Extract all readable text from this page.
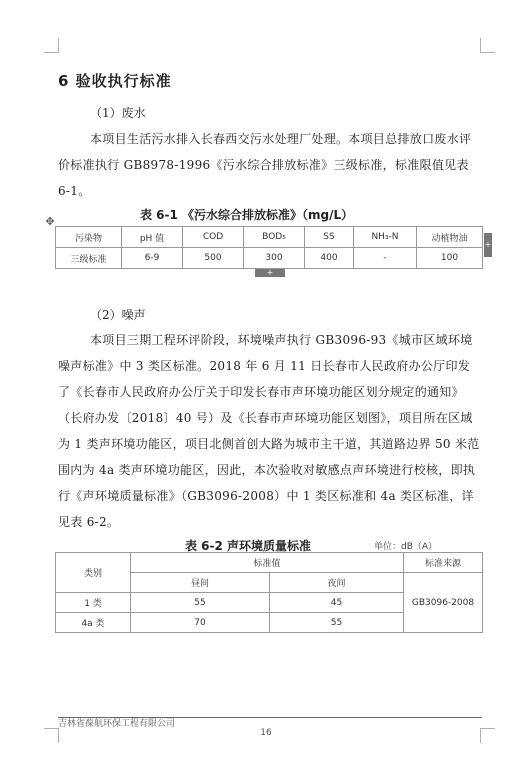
6 验收执行标准
（1）废水
本项目生活污水排入长春西交污水处理厂处理。本项目总排放口废水评价标准执行 GB8978-1996《污水综合排放标准》三级标准，标准限值见表 6-1。
表 6-1 《污水综合排放标准》（mg/L）
✥
+
+
污染物	pH 值	COD	BOD₅	SS	NH₃-N	动植物油
三级标准	6-9	500	300	400	-	100
（2）噪声
本项目三期工程环评阶段，环境噪声执行 GB3096-93《城市区域环境噪声标准》中 3 类区标准。2018 年 6 月 11 日长春市人民政府办公厅印发了《长春市人民政府办公厅关于印发长春市声环境功能区划分规定的通知》（长府办发〔2018〕40 号）及《长春市声环境功能区划图》，项目所在区域为 1 类声环境功能区，项目北侧首创大路为城市主干道，其道路边界 50 米范围内为 4a 类声环境功能区，因此，本次验收对敏感点声环境进行校核，即执行《声环境质量标准》（GB3096-2008）中 1 类区标准和 4a 类区标准，详见表 6-2。
表 6-2 声环境质量标准	单位：dB（A）
类别	标准值		标准来源
	昼间	夜间	GB3096-2008
1 类	55	45	
4a 类	70	55	
吉林省葆航环保工程有限公司
16
